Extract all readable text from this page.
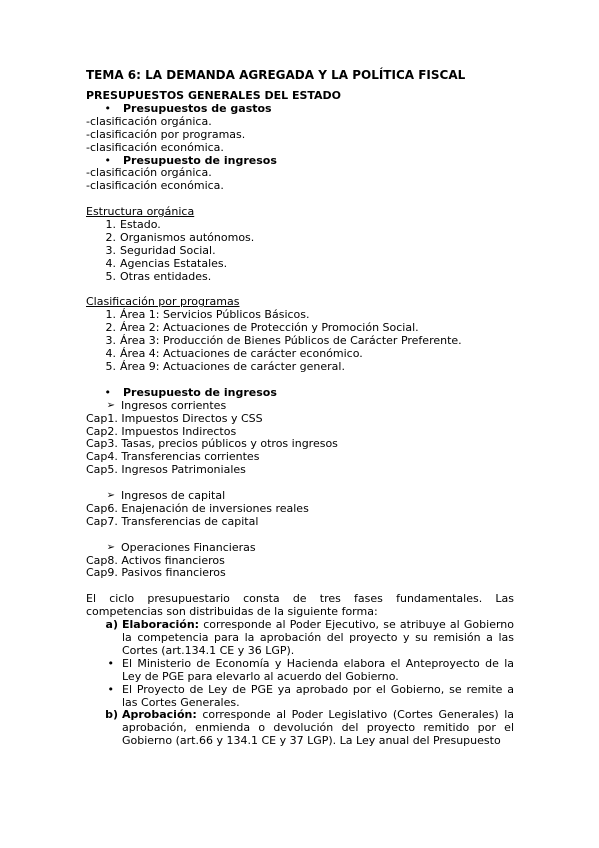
TEMA 6: LA DEMANDA AGREGADA Y LA POLÍTICA FISCAL
PRESUPUESTOS GENERALES DEL ESTADO
•	Presupuestos de gastos
-clasificación orgánica.
-clasificación por programas.
-clasificación económica.
•	Presupuesto de ingresos
-clasificación orgánica.
-clasificación económica.
Estructura orgánica
1. Estado.
2. Organismos autónomos.
3. Seguridad Social.
4. Agencias Estatales.
5. Otras entidades.
Clasificación por programas
1. Área 1: Servicios Públicos Básicos.
2. Área 2: Actuaciones de Protección y Promoción Social.
3. Área 3: Producción de Bienes Públicos de Carácter Preferente.
4. Área 4: Actuaciones de carácter económico.
5. Área 9: Actuaciones de carácter general.
•	Presupuesto de ingresos
➢ Ingresos corrientes
Cap1. Impuestos Directos y CSS
Cap2. Impuestos Indirectos
Cap3. Tasas, precios públicos y otros ingresos
Cap4. Transferencias corrientes
Cap5. Ingresos Patrimoniales
➢ Ingresos de capital
Cap6. Enajenación de inversiones reales
Cap7. Transferencias de capital
➢ Operaciones Financieras
Cap8. Activos financieros
Cap9. Pasivos financieros
El ciclo presupuestario consta de tres fases fundamentales. Las competencias son distribuidas de la siguiente forma:
a) Elaboración: corresponde al Poder Ejecutivo, se atribuye al Gobierno la competencia para la aprobación del proyecto y su remisión a las Cortes (art.134.1 CE y 36 LGP).
• El Ministerio de Economía y Hacienda elabora el Anteproyecto de la Ley de PGE para elevarlo al acuerdo del Gobierno.
• El Proyecto de Ley de PGE ya aprobado por el Gobierno, se remite a las Cortes Generales.
b) Aprobación: corresponde al Poder Legislativo (Cortes Generales) la aprobación, enmienda o devolución del proyecto remitido por el Gobierno (art.66 y 134.1 CE y 37 LGP). La Ley anual del Presupuesto
